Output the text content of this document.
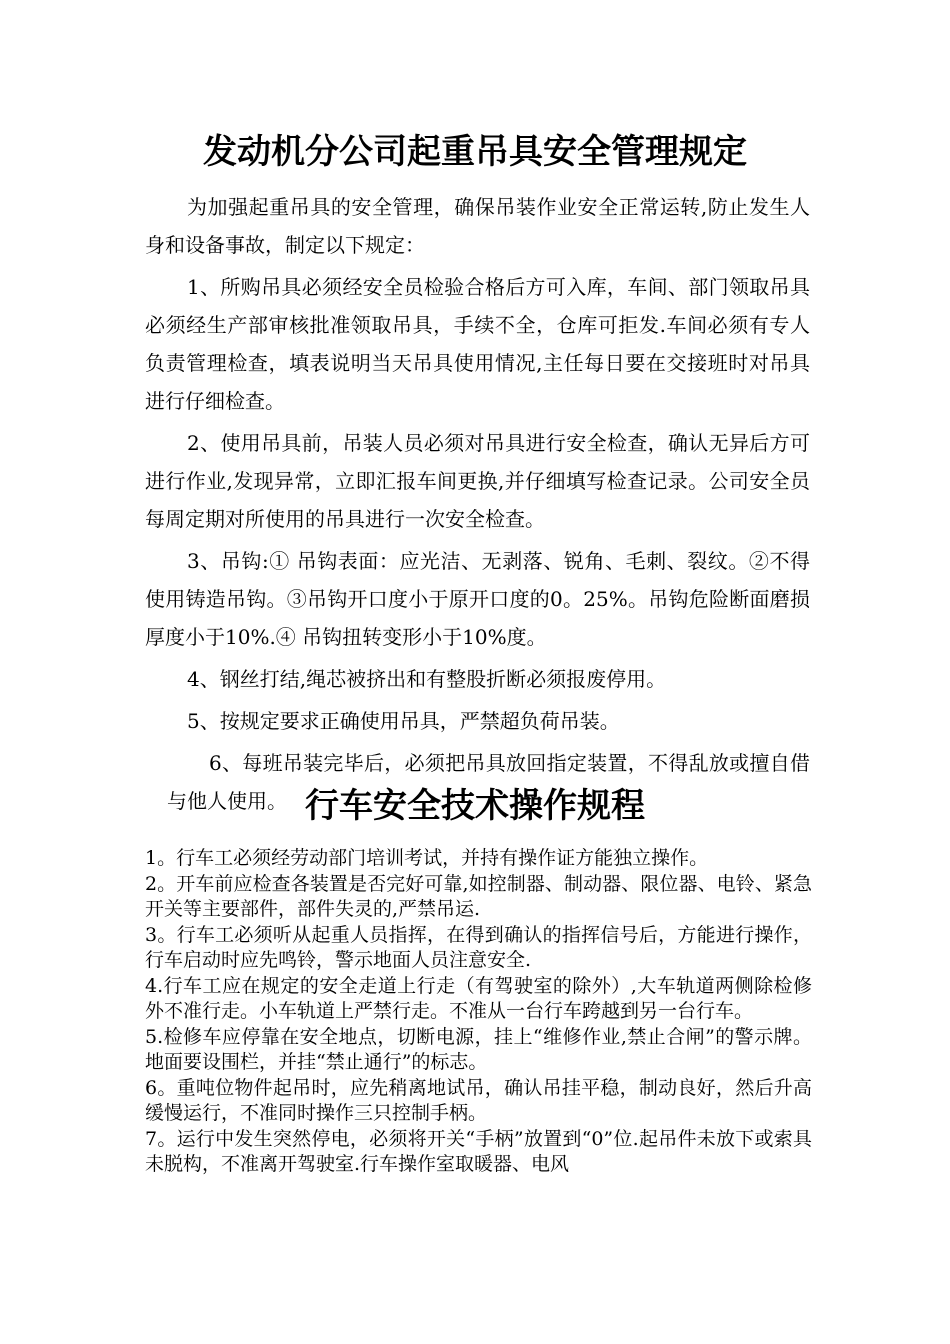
发动机分公司起重吊具安全管理规定

为加强起重吊具的安全管理，确保吊装作业安全正常运转,防止发生人身和设备事故，制定以下规定：

1、所购吊具必须经安全员检验合格后方可入库，车间、部门领取吊具必须经生产部审核批准领取吊具，手续不全，仓库可拒发.车间必须有专人负责管理检查，填表说明当天吊具使用情况,主任每日要在交接班时对吊具进行仔细检查。

2、使用吊具前，吊装人员必须对吊具进行安全检查，确认无异后方可进行作业,发现异常，立即汇报车间更换,并仔细填写检查记录。公司安全员每周定期对所使用的吊具进行一次安全检查。

3、吊钩:① 吊钩表面：应光洁、无剥落、锐角、毛刺、裂纹。②不得使用铸造吊钩。③吊钩开口度小于原开口度的0。25%。吊钩危险断面磨损厚度小于10%.④ 吊钩扭转变形小于10%度。

4、钢丝打结,绳芯被挤出和有整股折断必须报废停用。

5、按规定要求正确使用吊具，严禁超负荷吊装。

6、每班吊装完毕后，必须把吊具放回指定装置，不得乱放或擅自借与他人使用。 行车安全技术操作规程

1。行车工必须经劳动部门培训考试，并持有操作证方能独立操作。

2。开车前应检查各装置是否完好可靠,如控制器、制动器、限位器、电铃、紧急开关等主要部件，部件失灵的,严禁吊运.

3。行车工必须听从起重人员指挥，在得到确认的指挥信号后，方能进行操作，行车启动时应先鸣铃，警示地面人员注意安全.

4.行车工应在规定的安全走道上行走（有驾驶室的除外）,大车轨道两侧除检修外不准行走。小车轨道上严禁行走。不准从一台行车跨越到另一台行车。

5.检修车应停靠在安全地点，切断电源，挂上“维修作业,禁止合闸”的警示牌。地面要设围栏，并挂“禁止通行”的标志。

6。重吨位物件起吊时，应先稍离地试吊，确认吊挂平稳，制动良好，然后升高缓慢运行，不准同时操作三只控制手柄。

7。运行中发生突然停电，必须将开关“手柄”放置到“0”位.起吊件未放下或索具未脱构，不准离开驾驶室.行车操作室取暖器、电风
